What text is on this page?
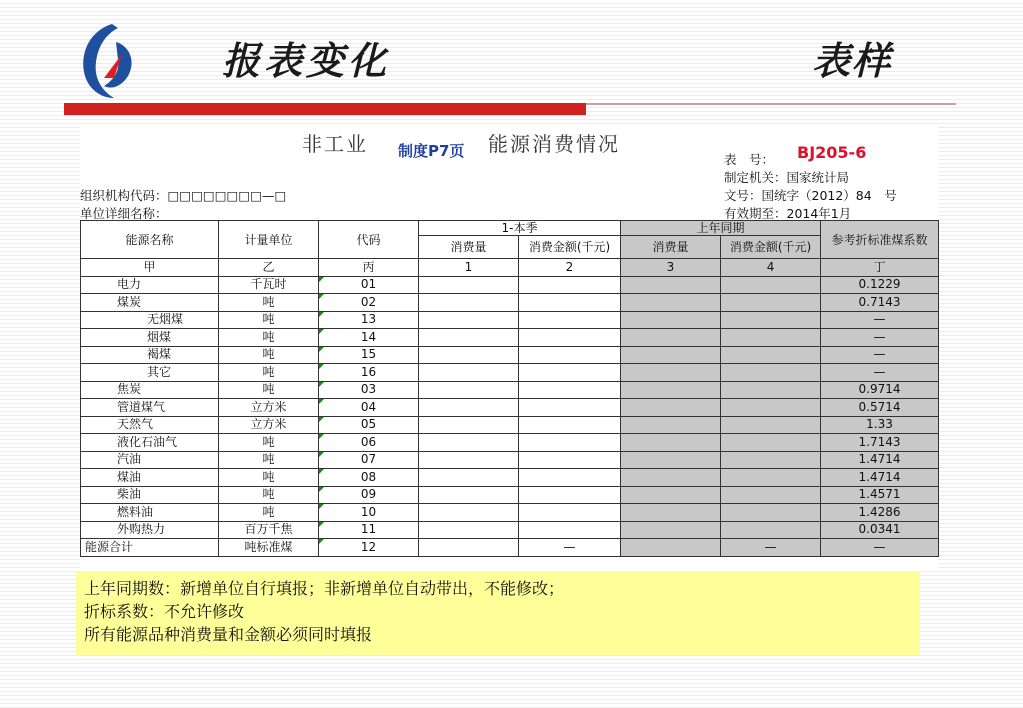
报表变化	表样
非工业	能源消费情况
制度P7页
组织机构代码：□□□□□□□□—□
单位详细名称：
表　号： BJ205-6
制定机关：国家统计局
文号：国统字（2012）84　号
有效期至：2014年1月
能源名称	计量单位	代码	1-本季		上年同期		参考折标准煤系数
			消费量	消费金额(千元)	消费量	消费金额(千元)	
甲	乙	丙	1	2	3	4	丁
电力	千瓦时	01					0.1229
煤炭	吨	02					0.7143
无烟煤	吨	13					—
烟煤	吨	14					—
褐煤	吨	15					—
其它	吨	16					—
焦炭	吨	03					0.9714
管道煤气	立方米	04					0.5714
天然气	立方米	05					1.33
液化石油气	吨	06					1.7143
汽油	吨	07					1.4714
煤油	吨	08					1.4714
柴油	吨	09					1.4571
燃料油	吨	10					1.4286
外购热力	百万千焦	11					0.0341
能源合计	吨标准煤	12		—		—	—
上年同期数：新增单位自行填报；非新增单位自动带出，不能修改；
折标系数：不允许修改
所有能源品种消费量和金额必须同时填报
